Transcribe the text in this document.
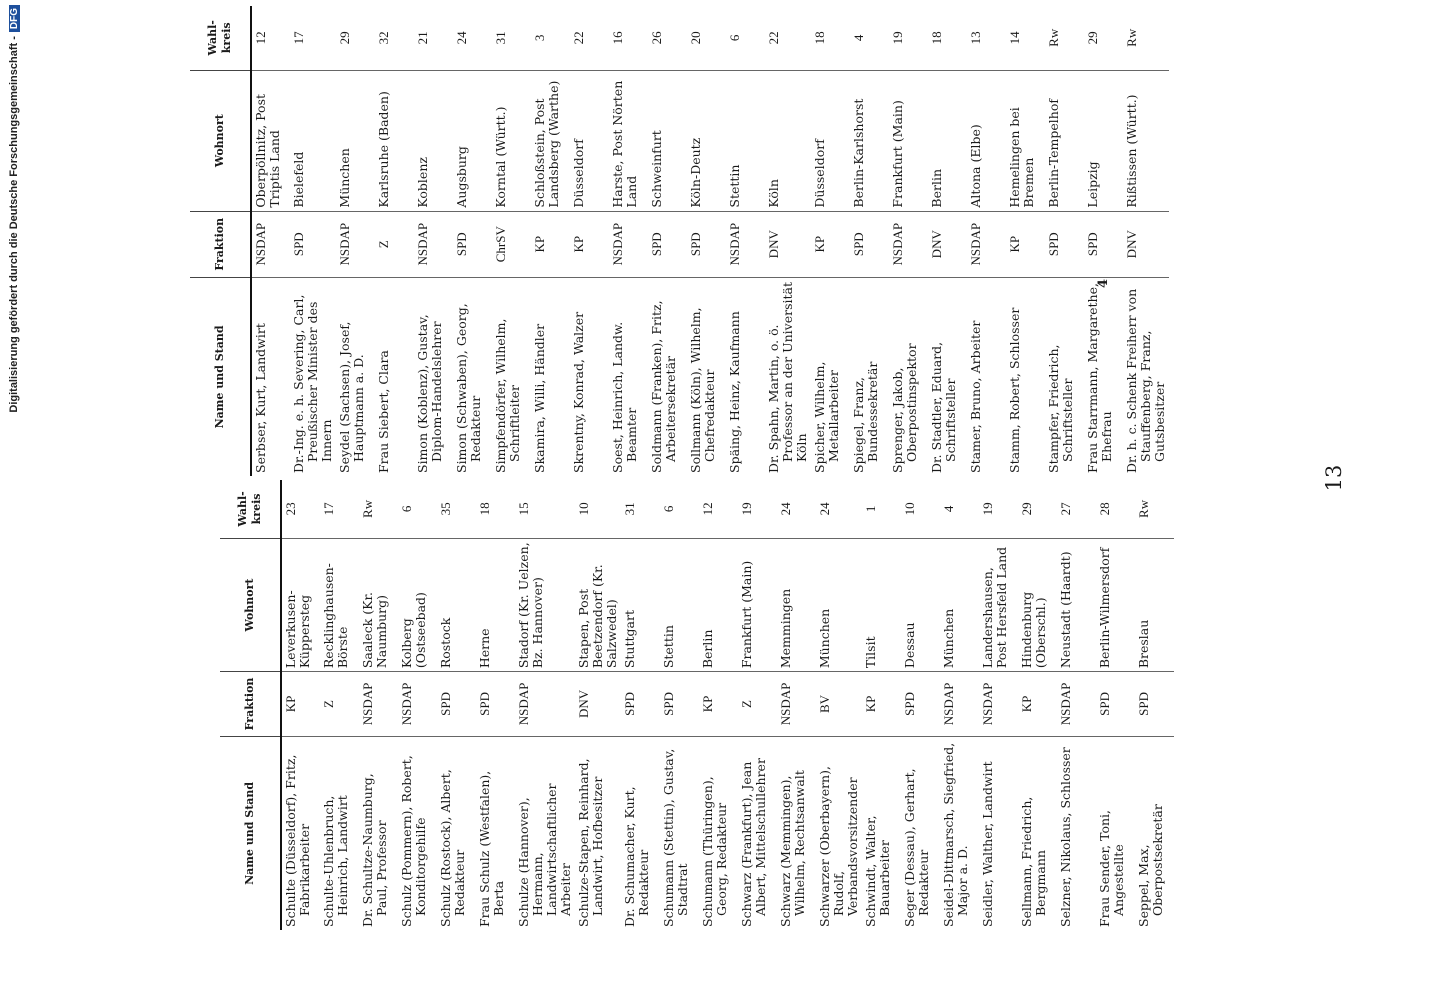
Digitalisierung gefördert durch die Deutsche Forschungsgemeinschaft -DFG
Name und Stand	Fraktion	Wohnort	Wahl-kreis
Schulte (Düsseldorf), Fritz, Fabrikarbeiter	KP	Leverkusen-Küppersteg	23
Schulte-Uhlenbruch, Heinrich, Landwirt	Z	Recklinghausen-Börste	17
Dr. Schultze-Naumburg, Paul, Professor	NSDAP	Saaleck (Kr. Naumburg)	Rw
Schulz (Pommern), Robert, Konditorgehilfe	NSDAP	Kolberg (Ostseebad)	6
Schulz (Rostock), Albert, Redakteur	SPD	Rostock	35
Frau Schulz (Westfalen), Berta	SPD	Herne	18
Schulze (Hannover), Hermann, Landwirtschaftlicher Arbeiter	NSDAP	Stadorf (Kr. Uelzen, Bz. Hannover)	15
Schulze-Stapen, Reinhard, Landwirt, Hofbesitzer	DNV	Stapen, Post Beetzendorf (Kr. Salzwedel)	10
Dr. Schumacher, Kurt, Redakteur	SPD	Stuttgart	31
Schumann (Stettin), Gustav, Stadtrat	SPD	Stettin	6
Schumann (Thüringen), Georg, Redakteur	KP	Berlin	12
Schwarz (Frankfurt), Jean Albert, Mittelschullehrer	Z	Frankfurt (Main)	19
Schwarz (Memmingen), Wilhelm, Rechtsanwalt	NSDAP	Memmingen	24
Schwarzer (Oberbayern), Rudolf, Verbandsvorsitzender	BV	München	24
Schwindt, Walter, Bauarbeiter	KP	Tilsit	1
Seger (Dessau), Gerhart, Redakteur	SPD	Dessau	10
Seidel-Dittmarsch, Siegfried, Major a. D.	NSDAP	München	4
Seidler, Walther, Landwirt	NSDAP	Landershausen, Post Hersfeld Land	19
Sellmann, Friedrich, Bergmann	KP	Hindenburg (Oberschl.)	29
Selzner, Nikolaus, Schlosser	NSDAP	Neustadt (Haardt)	27
Frau Sender, Toni, Angestellte	SPD	Berlin-Wilmersdorf	28
Seppel, Max, Oberpostsekretär	SPD	Breslau	Rw
13
Name und Stand	Fraktion	Wohnort	Wahl-kreis
Serbser, Kurt, Landwirt	NSDAP	Oberpöllnitz, Post Triptis Land	12
Dr.-Ing. e. h. Severing, Carl, Preußischer Minister des Innern	SPD	Bielefeld	17
Seydel (Sachsen), Josef, Hauptmann a. D.	NSDAP	München	29
Frau Siebert, Clara	Z	Karlsruhe (Baden)	32
Simon (Koblenz), Gustav, Diplom-Handelslehrer	NSDAP	Koblenz	21
Simon (Schwaben), Georg, Redakteur	SPD	Augsburg	24
Simpfendörfer, Wilhelm, Schriftleiter	ChrSV	Korntal (Württ.)	31
Skamira, Willi, Händler	KP	Schloßstein, Post Landsberg (Warthe)	3
Skrentny, Konrad, Walzer	KP	Düsseldorf	22
Soest, Heinrich, Landw. Beamter	NSDAP	Harste, Post Nörten Land	16
Soldmann (Franken), Fritz, Arbeitersekretär	SPD	Schweinfurt	26
Sollmann (Köln), Wilhelm, Chefredakteur	SPD	Köln-Deutz	20
Späing, Heinz, Kaufmann	NSDAP	Stettin	6
Dr. Spahn, Martin, o. ö. Professor an der Universität Köln	DNV	Köln	22
Spicher, Wilhelm, Metallarbeiter	KP	Düsseldorf	18
Spiegel, Franz, Bundessekretär	SPD	Berlin-Karlshorst	4
Sprenger, Jakob, Oberpostinspektor	NSDAP	Frankfurt (Main)	19
Dr. Stadtler, Eduard, Schriftsteller	DNV	Berlin	18
Stamer, Bruno, Arbeiter	NSDAP	Altona (Elbe)	13
Stamm, Robert, Schlosser	KP	Hemelingen bei Bremen	14
Stampfer, Friedrich, Schriftsteller	SPD	Berlin-Tempelhof	Rw
Frau Starrmann, Margarethe, Ehefrau	SPD	Leipzig	29
Dr. h. c. Schenk Freiherr von Stauffenberg, Franz, Gutsbesitzer	DNV	Rißtissen (Württ.)	Rw
4
